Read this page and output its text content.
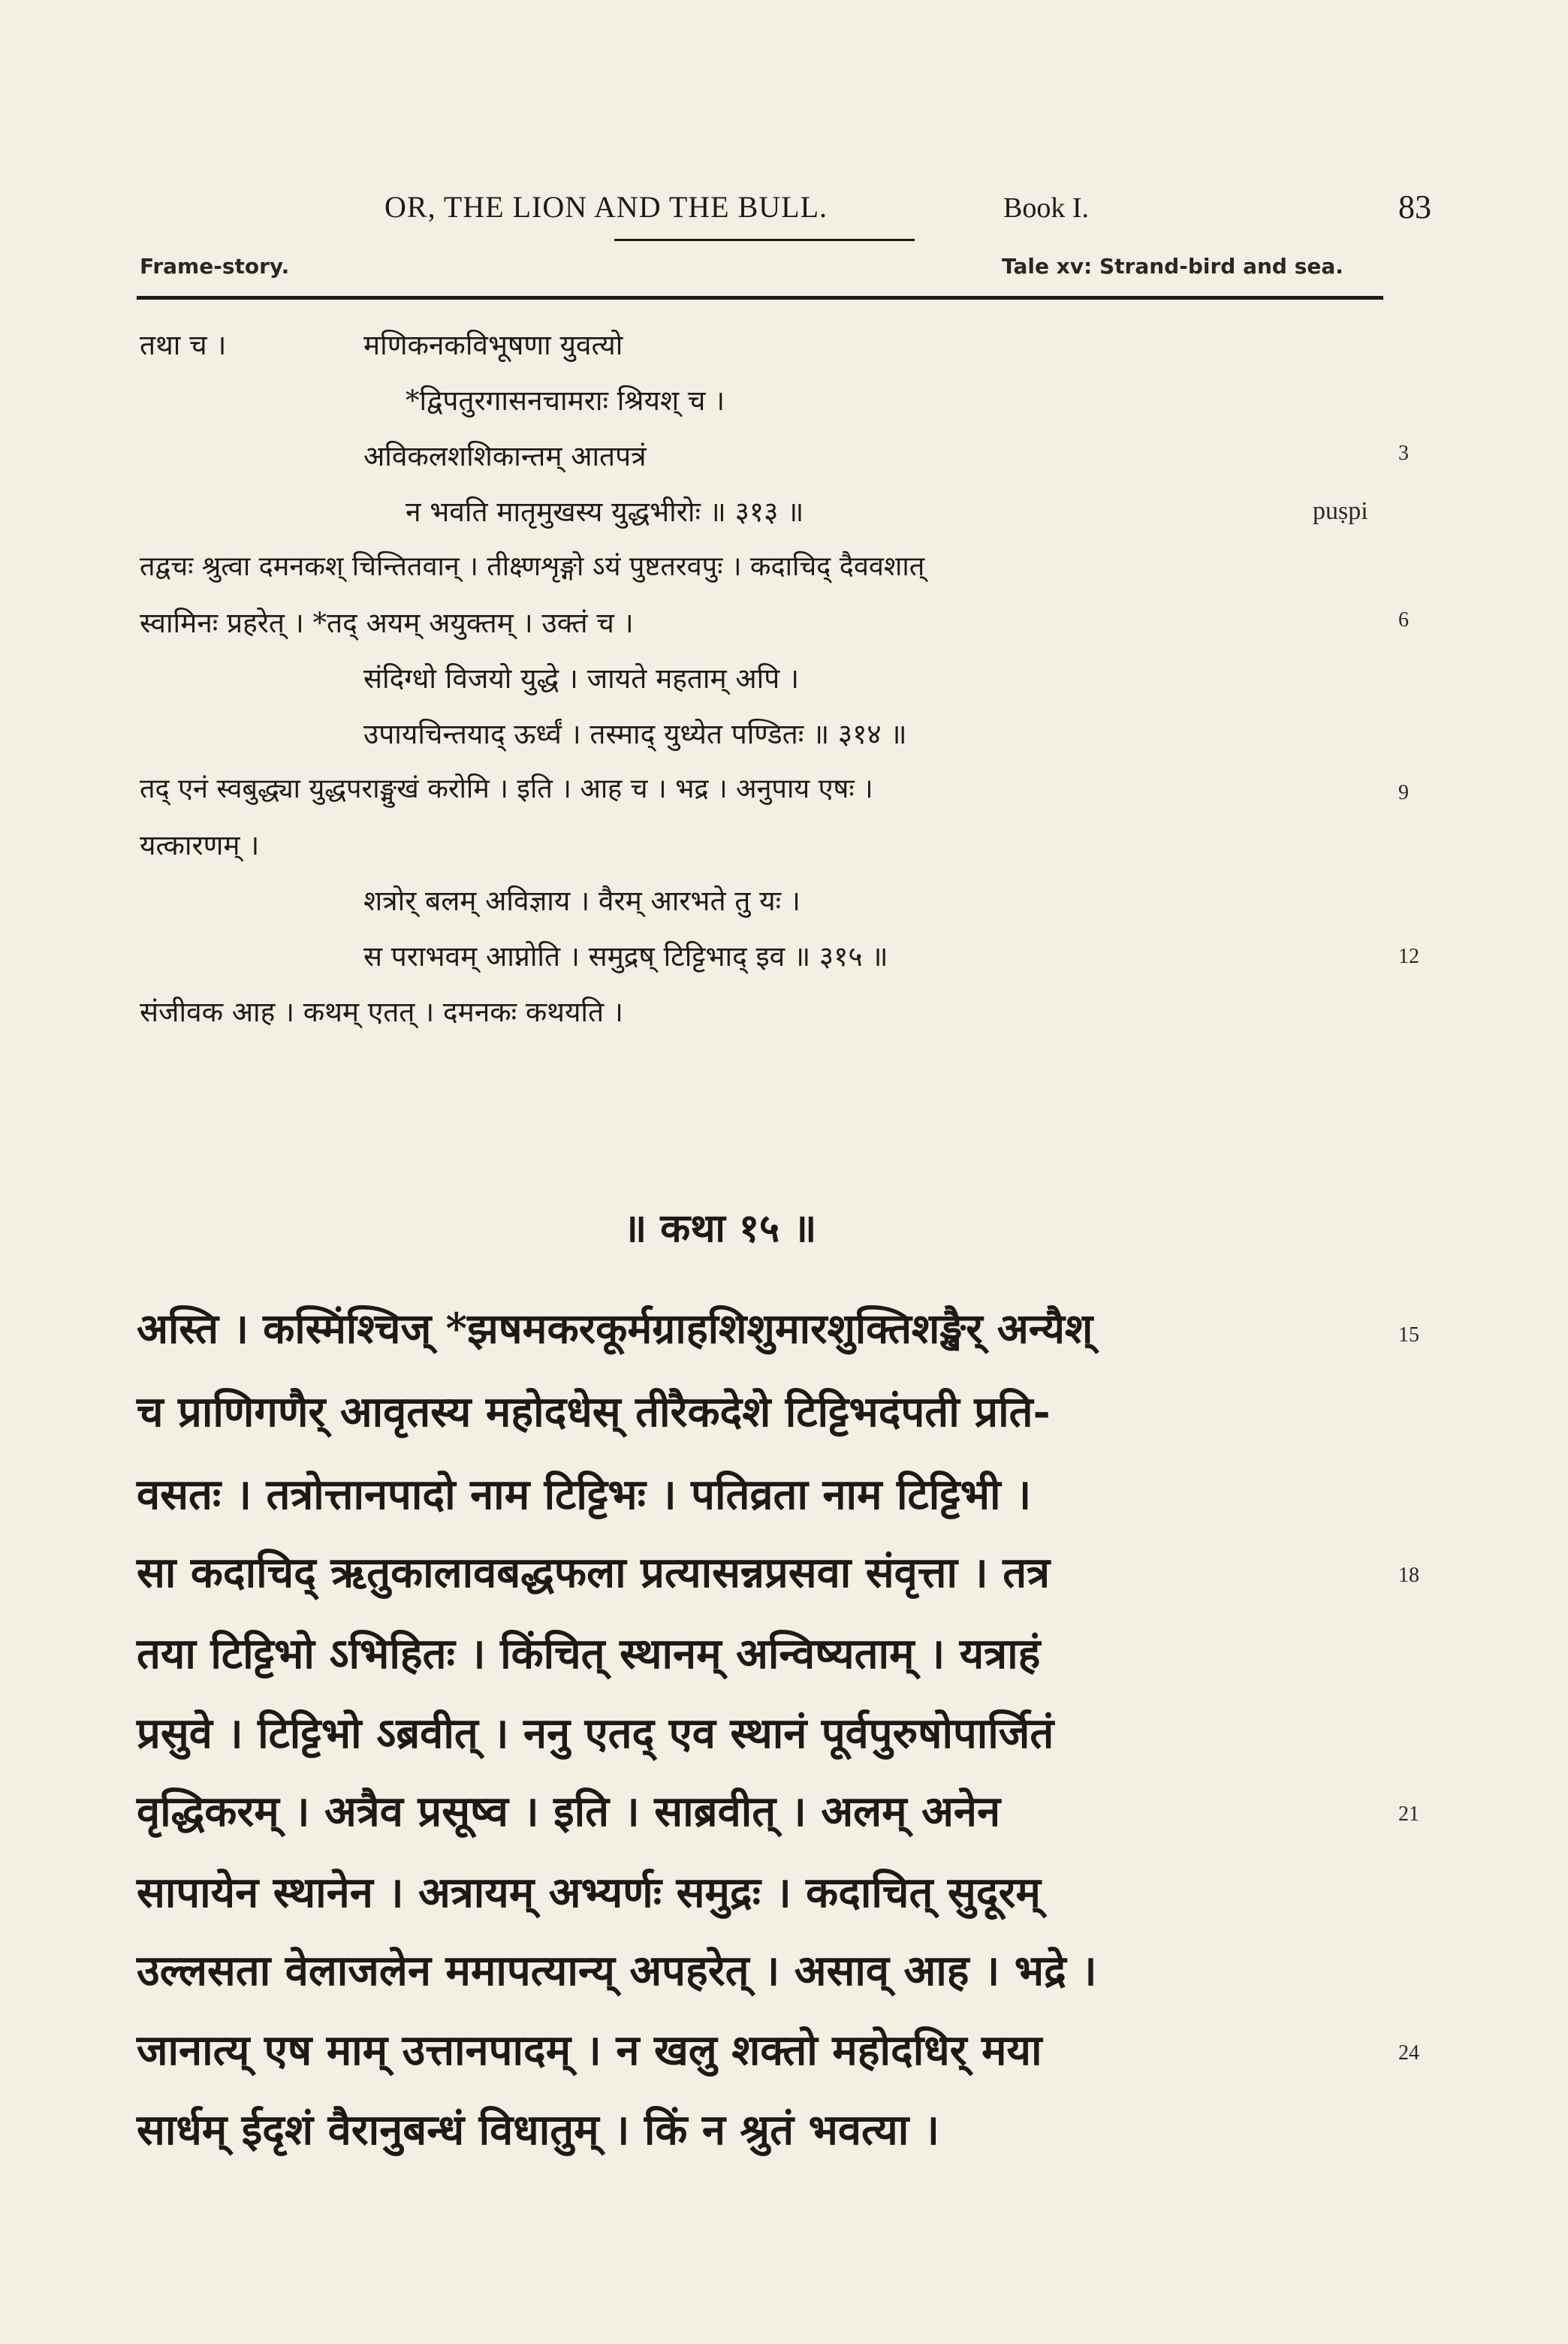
OR, THE LION AND THE BULL.	Book I.	83
Frame-story.	Tale xv: Strand-bird and sea.
तथा च ।	मणिकनकविभूषणा युवत्यो
*द्विपतुरगासनचामराः श्रियश् च ।
अविकलशशिकान्तम् आतपत्रं	3
न भवति मातृमुखस्य युद्धभीरोः ॥ ३१३ ॥	puṣpi
तद्वचः श्रुत्वा दमनकश् चिन्तितवान् । तीक्ष्णशृङ्गो ऽयं पुष्टतरवपुः । कदाचिद् दैववशात्
स्वामिनः प्रहरेत् । *तद् अयम् अयुक्तम् । उक्तं च ।	6
संदिग्धो विजयो युद्धे । जायते महताम् अपि ।
उपायचिन्तयाद् ऊर्ध्वं । तस्माद् युध्येत पण्डितः ॥ ३१४ ॥
तद् एनं स्वबुद्ध्या युद्धपराङ्मुखं करोमि । इति । आह च । भद्र । अनुपाय एषः ।	9
यत्कारणम् ।
शत्रोर् बलम् अविज्ञाय । वैरम् आरभते तु यः ।
स पराभवम् आप्नोति । समुद्रष् टिट्टिभाद् इव ॥ ३१५ ॥	12
संजीवक आह । कथम् एतत् । दमनकः कथयति ।
॥ कथा १५ ॥
अस्ति । कस्मिंश्चिज् *झषमकरकूर्मग्राहशिशुमारशुक्तिशङ्खैर् अन्यैश्	15
च प्राणिगणैर् आवृतस्य महोदधेस् तीरैकदेशे टिट्टिभदंपती प्रति-
वसतः । तत्रोत्तानपादो नाम टिट्टिभः । पतिव्रता नाम टिट्टिभी ।
सा कदाचिद् ऋतुकालावबद्धफला प्रत्यासन्नप्रसवा संवृत्ता । तत्र	18
तया टिट्टिभो ऽभिहितः । किंचित् स्थानम् अन्विष्यताम् । यत्राहं
प्रसुवे । टिट्टिभो ऽब्रवीत् । ननु एतद् एव स्थानं पूर्वपुरुषोपार्जितं
वृद्धिकरम् । अत्रैव प्रसूष्व । इति । साब्रवीत् । अलम् अनेन	21
सापायेन स्थानेन । अत्रायम् अभ्यर्णः समुद्रः । कदाचित् सुदूरम्
उल्लसता वेलाजलेन ममापत्यान्य् अपहरेत् । असाव् आह । भद्रे ।
जानात्य् एष माम् उत्तानपादम् । न खलु शक्तो महोदधिर् मया	24
सार्धम् ईदृशं वैरानुबन्धं विधातुम् । किं न श्रुतं भवत्या ।
